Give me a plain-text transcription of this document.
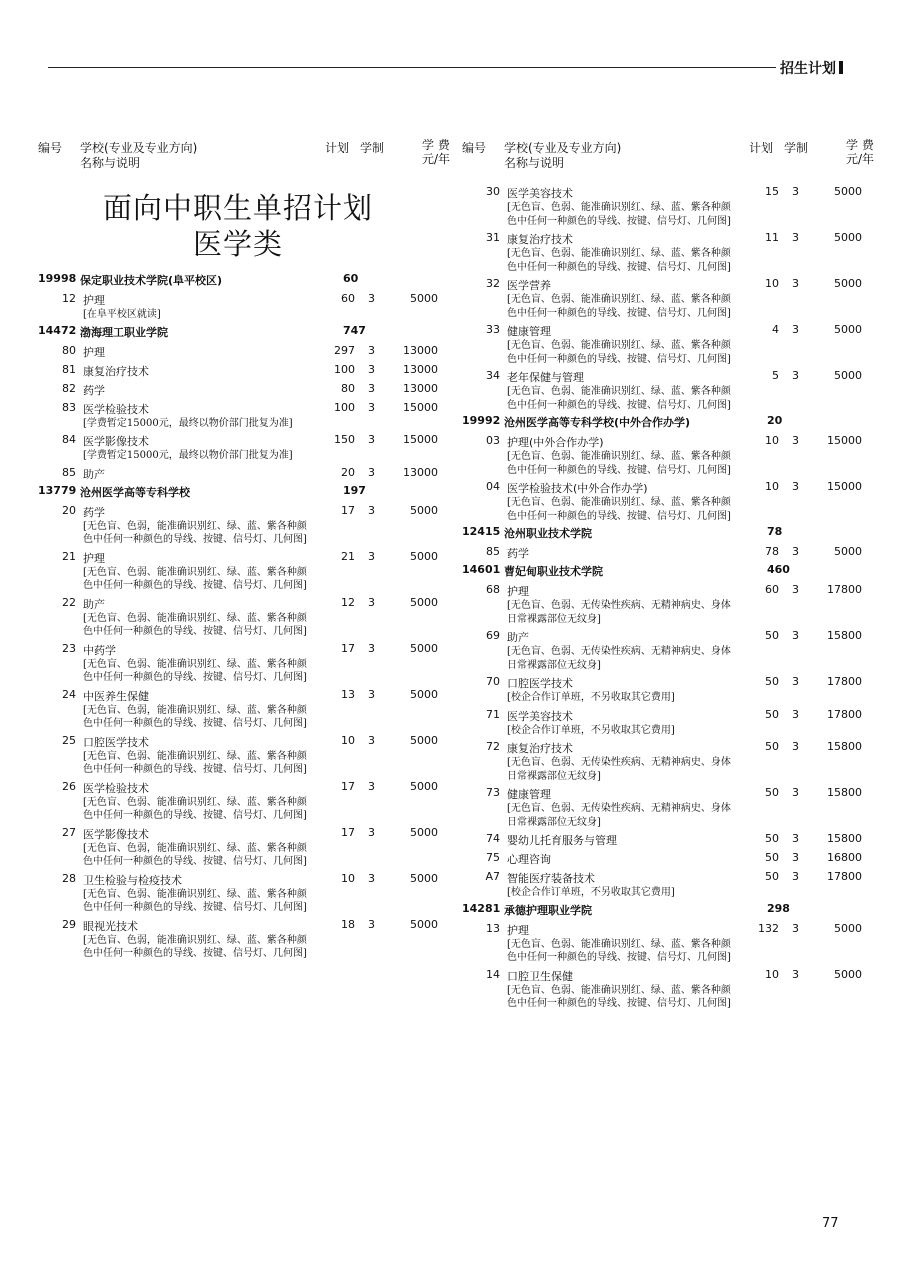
招生计划
编号 学校(专业及专业方向)
名称与说明
计划 学制	学 费

元/年
面向中职生单招计划
医学类
19998 保定职业技术学院(阜平校区)	60
12 护理	60 3	5000
[在阜平校区就读]
14472 渤海理工职业学院	747
80 护理	297 3	13000
81 康复治疗技术	100 3	13000
82 药学	80 3	13000
83 医学检验技术	100 3	15000
[学费暂定15000元，最终以物价部门批复为准]
84 医学影像技术	150 3	15000
[学费暂定15000元，最终以物价部门批复为准]
85 助产	20 3	13000
13779 沧州医学高等专科学校	197
20 药学	17 3	5000
[无色盲、色弱，能准确识别红、绿、蓝、紫各种颜色中任何一种颜色的导线、按键、信号灯、几何图]
21 护理	21 3	5000
[无色盲、色弱、能准确识别红、绿、蓝、紫各种颜色中任何一种颜色的导线、按键、信号灯、几何图]
22 助产	12 3	5000
[无色盲、色弱、能准确识别红、绿、蓝、紫各种颜色中任何一种颜色的导线、按键、信号灯、几何图]
23 中药学	17 3	5000
[无色盲、色弱、能准确识别红、绿、蓝、紫各种颜色中任何一种颜色的导线、按键、信号灯、几何图]
24 中医养生保健	13 3	5000
[无色盲、色弱，能准确识别红、绿、蓝、紫各种颜色中任何一种颜色的导线、按键、信号灯、几何图]
25 口腔医学技术	10 3	5000
[无色盲、色弱、能准确识别红、绿、蓝、紫各种颜色中任何一种颜色的导线、按键、信号灯、几何图]
26 医学检验技术	17 3	5000
[无色盲、色弱、能准确识别红、绿、蓝、紫各种颜色中任何一种颜色的导线、按键、信号灯、几何图]
27 医学影像技术	17 3	5000
[无色盲、色弱，能准确识别红、绿、蓝、紫各种颜色中任何一种颜色的导线、按键、信号灯、几何图]
28 卫生检验与检疫技术	10 3	5000
[无色盲、色弱、能准确识别红、绿、蓝、紫各种颜色中任何一种颜色的导线、按键、信号灯、几何图]
29 眼视光技术	18 3	5000
[无色盲、色弱，能准确识别红、绿、蓝、紫各种颜色中任何一种颜色的导线、按键、信号灯、几何图]
编号 学校(专业及专业方向)
名称与说明
计划 学制	学 费

元/年
30 医学美容技术	15 3	5000
[无色盲、色弱、能准确识别红、绿、蓝、紫各种颜色中任何一种颜色的导线、按键、信号灯、几何图]
31 康复治疗技术	11 3	5000
[无色盲、色弱、能准确识别红、绿、蓝、紫各种颜色中任何一种颜色的导线、按键、信号灯、几何图]
32 医学营养	10 3	5000
[无色盲、色弱、能准确识别红、绿、蓝、紫各种颜色中任何一种颜色的导线、按键、信号灯、几何图]
33 健康管理	4 3	5000
[无色盲、色弱、能准确识别红、绿、蓝、紫各种颜色中任何一种颜色的导线、按键、信号灯、几何图]
34 老年保健与管理	5 3	5000
[无色盲、色弱、能准确识别红、绿、蓝、紫各种颜色中任何一种颜色的导线、按键、信号灯、几何图]
19992 沧州医学高等专科学校(中外合作办学)	20
03 护理(中外合作办学)	10 3	15000
[无色盲、色弱、能准确识别红、绿、蓝、紫各种颜色中任何一种颜色的导线、按键、信号灯、几何图]
04 医学检验技术(中外合作办学)	10 3	15000
[无色盲、色弱、能准确识别红、绿、蓝、紫各种颜色中任何一种颜色的导线、按键、信号灯、几何图]
12415 沧州职业技术学院	78
85 药学	78 3	5000
14601 曹妃甸职业技术学院	460
68 护理	60 3	17800
[无色盲、色弱、无传染性疾病、无精神病史、身体日常裸露部位无纹身]
69 助产	50 3	15800
[无色盲、色弱、无传染性疾病、无精神病史、身体日常裸露部位无纹身]
70 口腔医学技术	50 3	17800
[校企合作订单班，不另收取其它费用]
71 医学美容技术	50 3	17800
[校企合作订单班，不另收取其它费用]
72 康复治疗技术	50 3	15800
[无色盲、色弱、无传染性疾病、无精神病史、身体日常裸露部位无纹身]
73 健康管理	50 3	15800
[无色盲、色弱、无传染性疾病、无精神病史、身体日常裸露部位无纹身]
74 婴幼儿托育服务与管理	50 3	15800
75 心理咨询	50 3	16800
A7 智能医疗装备技术	50 3	17800
[校企合作订单班，不另收取其它费用]
14281 承德护理职业学院	298
13 护理	132 3	5000
[无色盲、色弱、能准确识别红、绿、蓝、紫各种颜色中任何一种颜色的导线、按键、信号灯、几何图]
14 口腔卫生保健	10 3	5000
[无色盲、色弱、能准确识别红、绿、蓝、紫各种颜色中任何一种颜色的导线、按键、信号灯、几何图]
77
